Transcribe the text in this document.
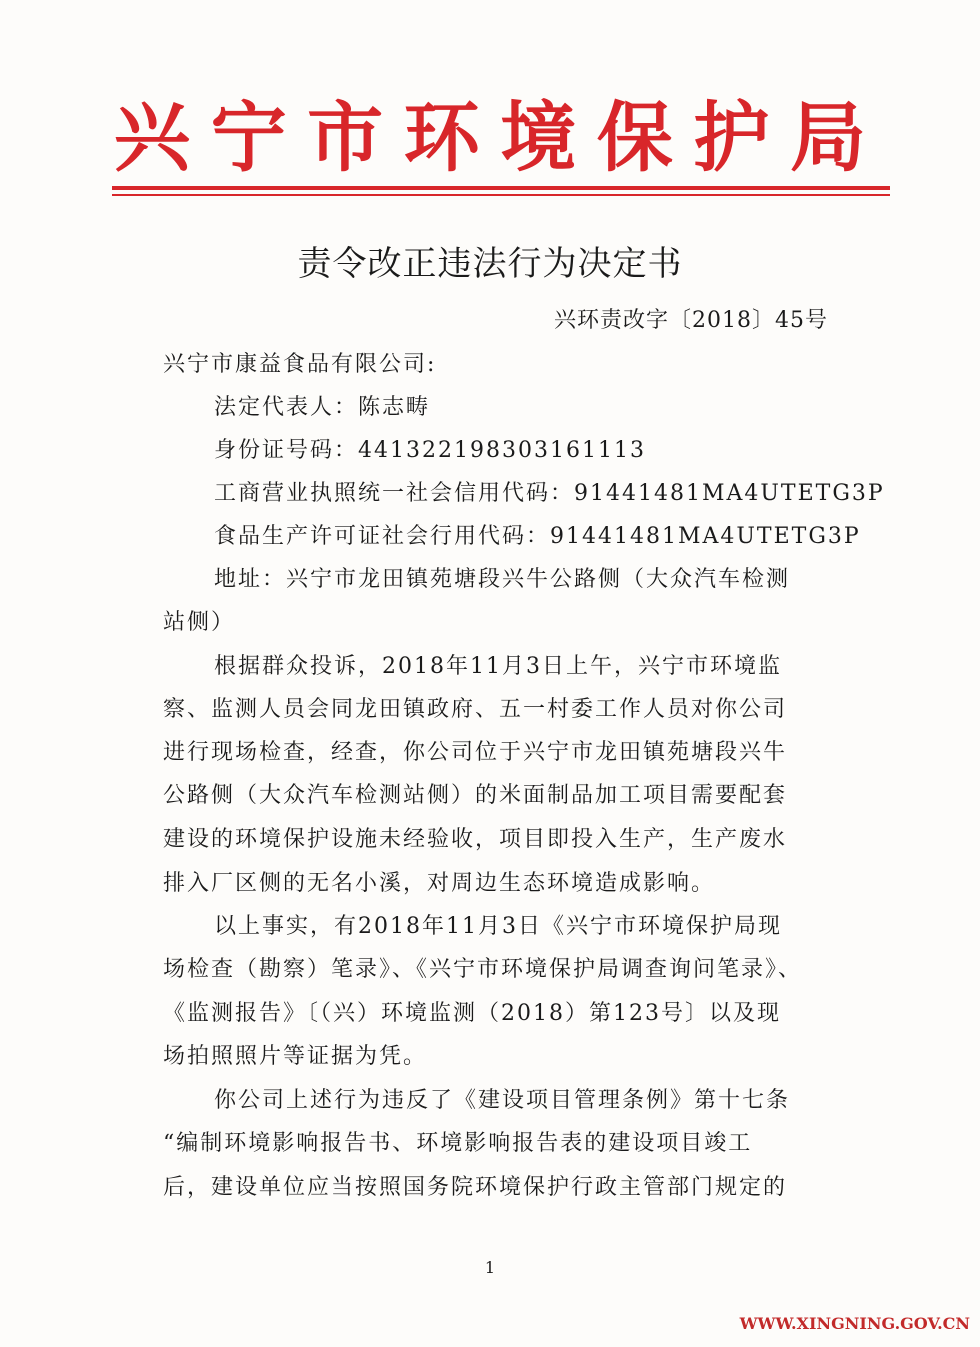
兴 宁 市 环 境 保 护 局
责令改正违法行为决定书
兴环责改字〔2018〕45号
兴宁市康益食品有限公司:
法定代表人：陈志畴
身份证号码：441322198303161113
工商营业执照统一社会信用代码：91441481MA4UTETG3P
食品生产许可证社会行用代码：91441481MA4UTETG3P
地址：兴宁市龙田镇苑塘段兴牛公路侧（大众汽车检测
站侧）
根据群众投诉，2018年11月3日上午，兴宁市环境监
察、监测人员会同龙田镇政府、五一村委工作人员对你公司
进行现场检查，经查，你公司位于兴宁市龙田镇苑塘段兴牛
公路侧（大众汽车检测站侧）的米面制品加工项目需要配套
建设的环境保护设施未经验收，项目即投入生产，生产废水
排入厂区侧的无名小溪，对周边生态环境造成影响。
以上事实，有2018年11月3日《兴宁市环境保护局现
场检查（勘察）笔录》、《兴宁市环境保护局调查询问笔录》、
《监测报告》〔（兴）环境监测（2018）第123号〕以及现
场拍照照片等证据为凭。
你公司上述行为违反了《建设项目管理条例》第十七条
“编制环境影响报告书、环境影响报告表的建设项目竣工
后，建设单位应当按照国务院环境保护行政主管部门规定的
1
WWW.XINGNING.GOV.CN
